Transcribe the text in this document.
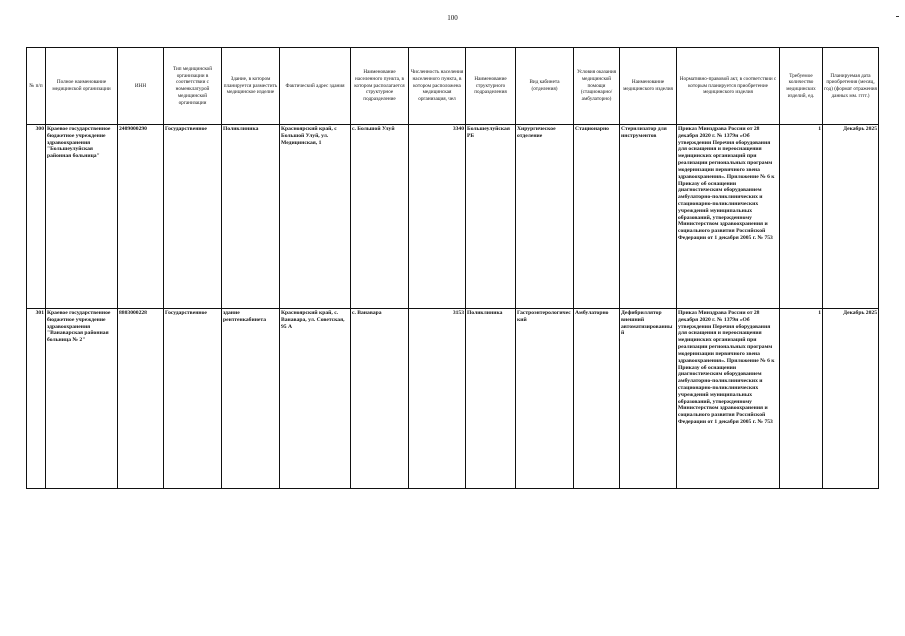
100
№ п/п	Полное наименование медицинской организации	ИНН	Тип медицинской организации в соответствии с номенклатурой медицинской организации	Здание, в котором планируется разместить медицинское изделие	Фактический адрес здания	Наименование населенного пункта, в котором располагается структурное подразделение	Численность населения населенного пункта, в котором расположена медицинская организация, чел	Наименование структурного подразделения	Вид кабинета (отделения)	Условия оказания медицинской помощи (стационарно/ амбулаторно)	Наименование медицинского изделия	Нормативно-правовой акт, в соответствии с которым планируется приобретение медицинского изделия	Требуемое количество медицинских изделий, ед.	Планируемая дата приобретения (месяц, год) (формат отражения данных мм. гггг.)
300	Краевое государственное бюджетное учреждение здравоохранения "Большеулуйская районная больница"	2409000290	Государственное	Поликлиника	Красноярский край, с Большой Улуй, ул. Медицинская, 1	с. Большой Улуй	3340	Большеулуйская РБ	Хирургическое отделение	Стационарно	Стерилизатор для инструментов	Приказ Минздрава России от 28 декабря 2020 г. № 1379н «Об утверждении Перечня оборудования для оснащения и переоснащения медицинских организаций при реализации региональных программ модернизации первичного звена здравоохранения». Приложение № 6 к Приказу об оснащении диагностическим оборудованием амбулаторно-поликлинических и стационарно-поликлинических учреждений муниципальных образований, утвержденному Министерством здравоохранения и социального развития Российской Федерации от 1 декабря 2005 г. № 753	1	Декабрь 2025
301	Краевое государственное бюджетное учреждение здравоохранения "Ванаварская районная больница № 2"	8803000228	Государственное	здание рентгенкабинета	Красноярский край, с. Ванавара, ул. Советская, 95 А	с. Ванавара	3153	Поликлиника	Гастроэнтерологический	Амбулаторно	Дефибриллятор внешний автоматизированный	Приказ Минздрава России от 28 декабря 2020 г. № 1379н «Об утверждении Перечня оборудования для оснащения и переоснащения медицинских организаций при реализации региональных программ модернизации первичного звена здравоохранения». Приложение № 6 к Приказу об оснащении диагностическим оборудованием амбулаторно-поликлинических и стационарно-поликлинических учреждений муниципальных образований, утвержденному Министерством здравоохранения и социального развития Российской Федерации от 1 декабря 2005 г. № 753	1	Декабрь 2025
